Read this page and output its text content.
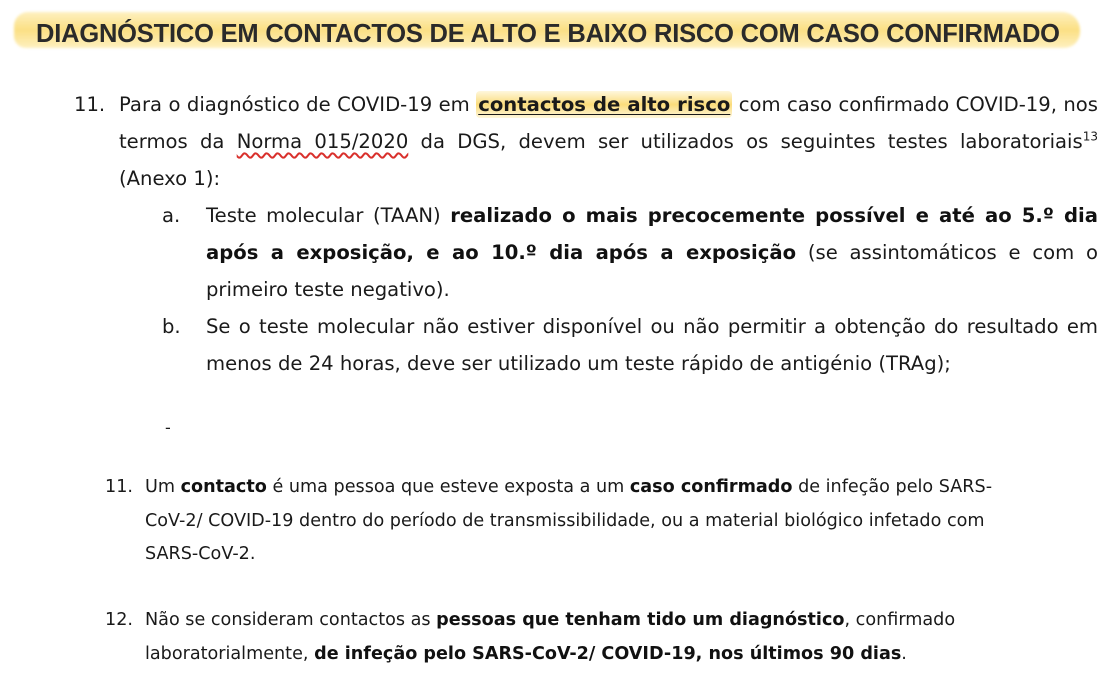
DIAGNÓSTICO EM CONTACTOS DE ALTO E BAIXO RISCO COM CASO CONFIRMADO
11. Para o diagnóstico de COVID-19 em contactos de alto risco com caso confirmado COVID-19, nos termos da Norma 015/2020 da DGS, devem ser utilizados os seguintes testes laboratoriais$^{13}$ (Anexo 1):
a. Teste molecular (TAAN) realizado o mais precocemente possível e até ao 5.º dia após a exposição, e ao 10.º dia após a exposição (se assintomáticos e com o primeiro teste negativo).
b. Se o teste molecular não estiver disponível ou não permitir a obtenção do resultado em menos de 24 horas, deve ser utilizado um teste rápido de antigénio (TRAg);
-
11. Um contacto é uma pessoa que esteve exposta a um caso confirmado de infeção pelo SARS-CoV-2/ COVID-19 dentro do período de transmissibilidade, ou a material biológico infetado com SARS-CoV-2.
12. Não se consideram contactos as pessoas que tenham tido um diagnóstico, confirmado laboratorialmente, de infeção pelo SARS-CoV-2/ COVID-19, nos últimos 90 dias.
